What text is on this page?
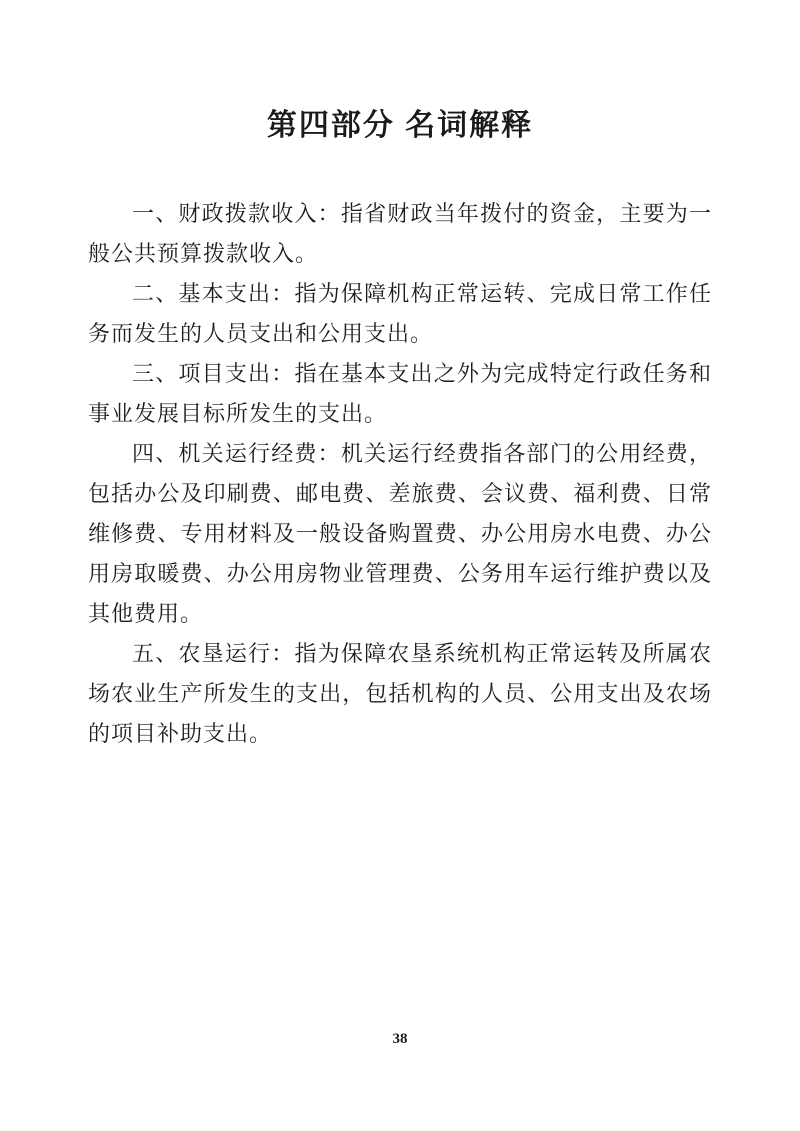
第四部分 名词解释

一、财政拨款收入：指省财政当年拨付的资金，主要为一般公共预算拨款收入。

二、基本支出：指为保障机构正常运转、完成日常工作任务而发生的人员支出和公用支出。

三、项目支出：指在基本支出之外为完成特定行政任务和事业发展目标所发生的支出。

四、机关运行经费：机关运行经费指各部门的公用经费，包括办公及印刷费、邮电费、差旅费、会议费、福利费、日常维修费、专用材料及一般设备购置费、办公用房水电费、办公用房取暖费、办公用房物业管理费、公务用车运行维护费以及其他费用。

五、农垦运行：指为保障农垦系统机构正常运转及所属农场农业生产所发生的支出，包括机构的人员、公用支出及农场的项目补助支出。

38
